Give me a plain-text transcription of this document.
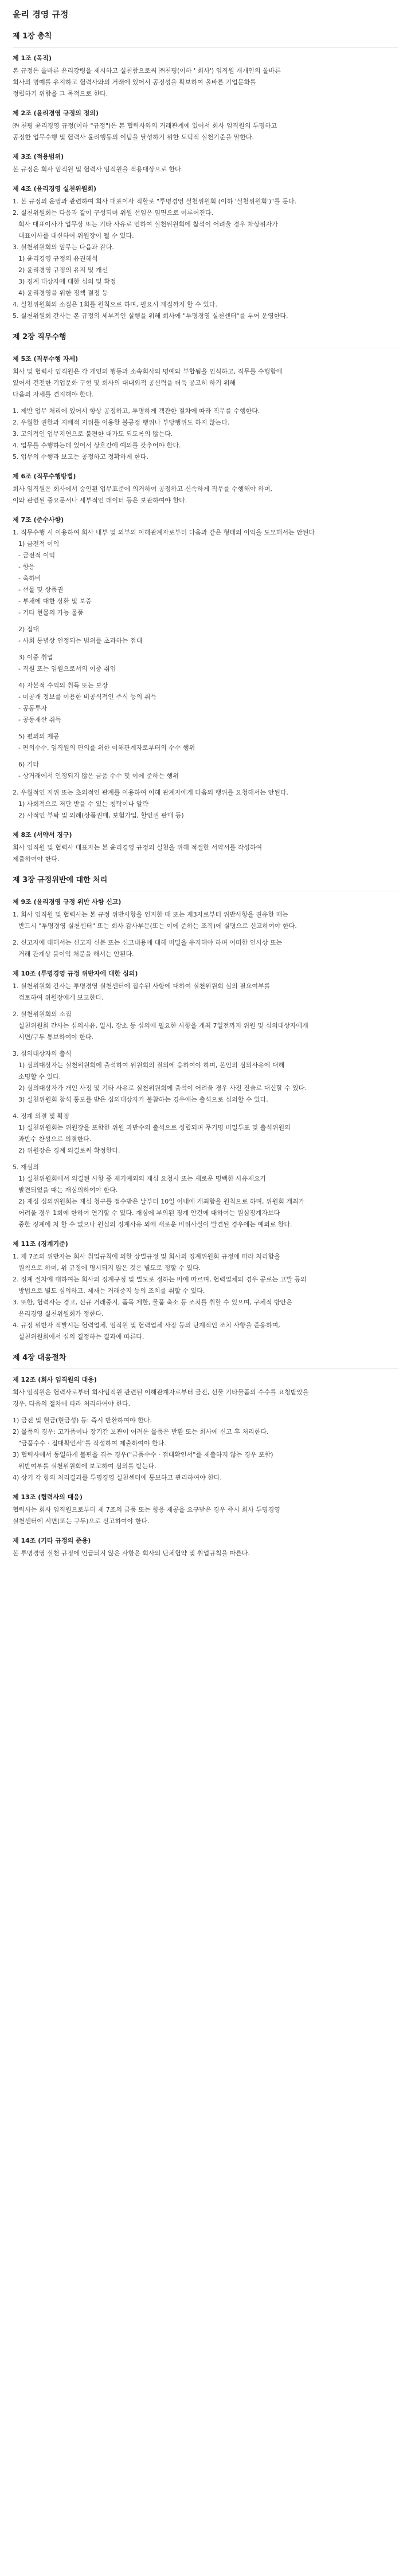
윤리 경영 규정
제 1장 총칙
제 1조 (목적)
본 규정은 올바른 윤리강령을 제시하고 실천함으로써 ㈜천평(이하 ' 회사') 임직원 개개인의 올바른
회사의 명예를 유지하고 협력사와의 거래에 있어서 공정성을 확보하여 올바른 기업문화를
정립하기 위함을 그 목적으로 한다.
제 2조 (윤리경영 규정의 정의)
㈜ 천평 윤리경영 규정(이하 "규정")은 본 협력사와의 거래관계에 있어서 회사 임직원의 투명하고
공정한 업무수행 및 협력사 윤리행동의 이념을 달성하기 위한 도덕적 실천기준을 말한다.
제 3조 (적용범위)
본 규정은 회사 임직원 및 협력사 임직원을 적용대상으로 한다.
제 4조 (윤리경영 실천위원회)
1. 본 규정의 운영과 관련하여 회사 대표이사 직할로 "투명경영 실천위원회 (이하 '실천위원회')"를 둔다.
2. 실천위원회는 다음과 같이 구성되며 위원 선임은 임면으로 이루어진다.
회사 대표이사가 업무상 또는 기타 사유로 인하여 실천위원회에 참석이 어려울 경우 차상위자가
대표이사를 대신하여 위원장이 될 수 있다.
3. 실천위원회의 임무는 다음과 같다.
1) 윤리경영 규정의 유권해석
2) 윤리경영 규정의 유지 및 개선
3) 징계 대상자에 대한 심의 및 확정
4) 윤리경영을 위한 정책 결정 등
4. 실천위원회의 소집은 1회를 원칙으로 하며, 필요시 재집까지 할 수 있다.
5. 실천위원회 간사는 본 규정의 세부적인 실행을 위해 회사에 "투명경영 실천센터"를 두어 운영한다.
제 2장 직무수행
제 5조 (직무수행 자세)
회사 및 협력사 임직원은 각 개인의 행동과 소속회사의 명예와 부합됨을 인식하고, 직무를 수행함에
있어서 건전한 기업문화 구현 및 회사의 대내외적 공신력을 더욱 공고히 하기 위해
다음의 자세를 견지해야 한다.
1. 제반 업무 처리에 있어서 항상 공정하고, 투명하게 객관한 절차에 따라 직무를 수행한다.
2. 우월한 권한과 지배적 지위를 이용한 불공정 행위나 부당행위도 하지 않는다.
3. 고의적인 업무지연으로 불편한 대가도 되도록의 않는다.
4. 업무를 수행하는데 있어서 상호간에 예의를 갖추어야 한다.
5. 업무의 수행과 보고는 공정하고 정확하게 한다.
제 6조 (직무수행방법)
회사 임직원은 회사에서 승인된 업무표준에 의거하여 공정하고 신속하게 직무를 수행해야 하며,
이와 관련된 중요문서나 세부적인 데이터 등은 보관하여야 한다.
제 7조 (준수사항)
1. 직무수행 시 이용하여 회사 내부 및 외부의 이해관계자로부터 다음과 같은 형태의 이익을 도모해서는 안된다
1) 금전적 이익
- 금전적 이익
- 향응
- 축하비
- 선물 및 상품권
- 부채에 대한 상환 및 보증
- 기타 현물의 가능 물품
2) 접대
- 사회 통념상 인정되는 범위를 초과하는 접대
3) 이중 취업
- 직원 또는 임원으로서의 이중 취업
4) 자본적 수익의 취득 또는 보장
- 미공개 정보를 이용한 비공식적인 주식 등의 취득
- 공동투자
- 공동재산 취득
5) 편의의 제공
- 편의수수, 임직원의 편의를 위한 이해관계자로부터의 수수 행위
6) 기타
- 상거래에서 인정되지 않은 금품 수수 및 이에 준하는 행위
2. 우월적인 지위 또는 초의적인 관계를 이용하여 이해 관계자에게 다음의 행위를 요청해서는 안된다.
1) 사회적으로 저단 받을 수 있는 청탁이나 알략
2) 사적인 부탁 및 의례(상품권매, 보험가입, 할인권 판매 등)
제 8조 (서약서 징구)
회사 임직원 및 협력사 대표자는 본 윤리경영 규정의 실천을 위해 적절한 서약서를 작성하여
제출하여야 한다.
제 3장 규정위반에 대한 처리
제 9조 (윤리경영 규정 위반 사항 신고)
1. 회사 임직원 및 협력사는 본 규정 위반사항을 인지한 때 또는 제3자로부터 위반사항을 권유한 때는
반드시 "투명경영 실천센터" 또는 회사 감사부문(또는 이에 준하는 조직)에 실명으로 신고하여야 한다.
2. 신고자에 대해서는 신고자 신분 또는 신고내용에 대해 비밀을 유지해야 하며 어떠한 인사상 또는
거래 관계상 불이익 처분을 해서는 안된다.
제 10조 (투명경영 규정 위반자에 대한 심의)
1. 실천위원회 간사는 투명경영 실천센터에 접수된 사항에 대하여 실천위원회 심의 필요여부를
검토하여 위원장에게 보고한다.
2. 실천위원회의 소집
실천위원회 간사는 심의사유, 일시, 장소 등 심의에 필요한 사항을 개최 7일전까지 위원 및 심의대상자에게
서면/구두 통보하여야 한다.
3. 심의대상자의 출석
1) 심의대상자는 실천위원회에 출석하여 위원회의 질의에 응하여야 하며, 본인의 심의사유에 대해
소명할 수 있다.
2) 심의대상자가 개인 사정 및 기타 사유로 실천위원회에 출석이 어려울 경우 사전 진술로 대신할 수 있다.
3) 실천위원회 참석 통보를 받은 심의대상자가 불참하는 경우에는 출석으로 심의할 수 있다.
4. 징계 의결 및 확정
1) 실천위원회는 위원장을 포함한 위원 과반수의 출석으로 성립되며 무기명 비밀투표 및 출석위원의
과반수 찬성으로 의결한다.
2) 위원장은 징계 의결로써 확정한다.
5. 재심의
1) 실천위원회에서 의결된 사항 중 제기예외의 재심 요청시 또는 새로운 명백한 사유제요가
발견되었을 때는 재심의하여야 한다.
2) 재심 심의위원회는 재심 청구를 접수받은 날부터 10일 이내에 개최함을 원칙으로 하며, 위원회 개최가
어려울 경우 1회에 한하여 연기할 수 있다. 재심에 부의된 징계 안건에 대하여는 원심징계자보다
중한 징계에 처 할 수 없으나 원심의 징계사유 외에 새로운 비위사실이 발견된 경우에는 예외로 한다.
제 11조 (징계기준)
1. 제 7조의 위반자는 회사 취업규칙에 의한 상벌규정 및 회사의 징계위원회 규정에 따라 처리함을
원칙으로 하며, 위 규정에 명시되지 않은 것은 별도로 정할 수 있다.
2. 징계 절차에 대하여는 회사의 징계규정 및 별도로 정하는 바에 따르며, 협력업체의 경우 공로는 고발 등의
방법으로 별도 심의하고, 제재는 거래중지 등의 조치를 취할 수 있다.
3. 또한, 협력사는 경고, 신규 거래중지, 품목 제한, 물품 축소 등 조치를 취할 수 있으며, 구체적 방안은
윤리경영 실천위원회가 정한다.
4. 규정 위반자 적발시는 협력업체, 임직원 및 협력업체 사장 등의 단계적인 조치 사항을 준용하며,
실천위원회에서 심의 결정하는 결과에 따른다.
제 4장 대응절차
제 12조 (회사 임직원의 대응)
회사 임직원은 협력사로부터 회사임직원 관련된 이해관계자로부터 금전, 선물 기타물품의 수수를 요청받았을
경우, 다음의 절차에 따라 처리하여야 한다.
1) 금전 및 현금(현금성) 등: 즉시 반환하여야 한다.
2) 물품의 경우: 고가품이나 장기간 보관이 어려운 물품은 반환 또는 회사에 신고 후 처리한다.
"금품수수 · 접대확인서"를 작성하여 제출하여야 한다.
3) 협력사에서 동일하게 불편을 겪는 경우("금품수수 · 접대확인서"를 제출하지 않는 경우 포함)
위반여부를 실천위원회에 보고하여 심의를 받는다.
4) 상기 각 항의 처리결과를 투명경영 실천센터에 통보하고 관리하여야 한다.
제 13조 (협력사의 대응)
협력사는 회사 임직원으로부터 제 7조의 금품 또는 향응 제공을 요구받은 경우 즉시 회사 투명경영
실천센터에 서면(또는 구두)으로 신고하여야 한다.
제 14조 (기타 규정의 준용)
본 투명경영 실천 규정에 언급되지 않은 사항은 회사의 단체협약 및 취업규칙을 따른다.
